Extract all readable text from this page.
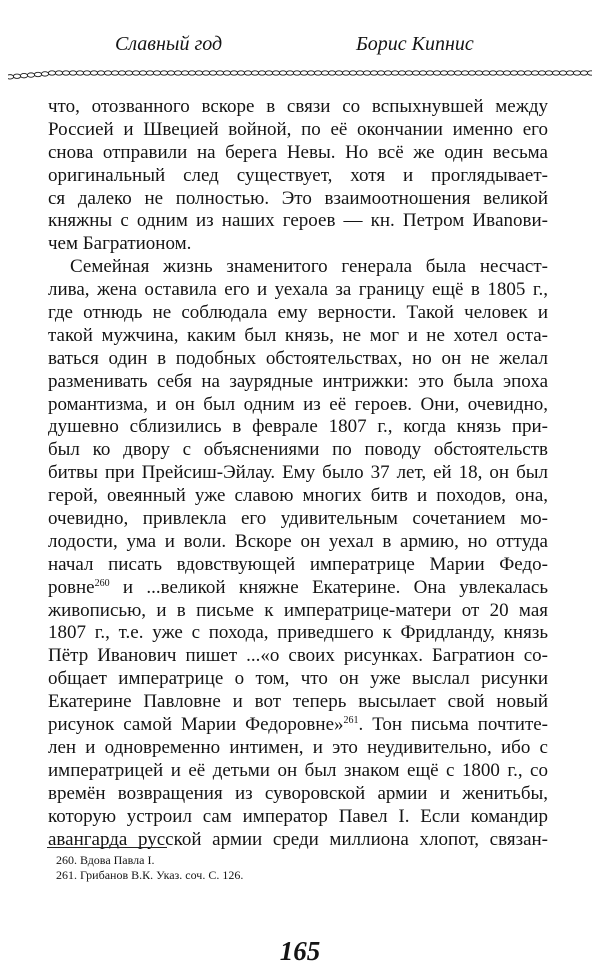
Славный год	Борис Кипнис
что, отозванного вскоре в связи со вспыхнувшей между
Россией и Швецией войной, по её окончании именно его
снова отправили на берега Невы. Но всё же один весьма
оригинальный след существует, хотя и проглядывает-
ся далеко не полностью. Это взаимоотношения великой
княжны с одним из наших героев — кн. Петром Ивanови-
чем Багратионом.
Семейная жизнь знаменитого генерала была несчаст-
лива, жена оставила его и уехала за границу ещё в 1805 г.,
где отнюдь не соблюдала ему верности. Такой человек и
такой мужчина, каким был князь, не мог и не хотел оста-
ваться один в подобных обстоятельствах, но он не желал
разменивать себя на заурядные интрижки: это была эпоха
романтизма, и он был одним из её героев. Они, очевидно,
душевно сблизились в феврале 1807 г., когда князь при-
был ко двору с объяснениями по поводу обстоятельств
битвы при Прейсиш-Эйлау. Ему было 37 лет, ей 18, он был
герой, овеянный уже славою многих битв и походов, она,
очевидно, привлекла его удивительным сочетанием мо-
лодости, ума и воли. Вскоре он уехал в армию, но оттуда
начал писать вдовствующей императрице Марии Федо-
ровне$^{260}$ и ...великой княжне Екатерине. Она увлекалась
живописью, и в письме к императрице-матери от 20 мая
1807 г., т.е. уже с похода, приведшего к Фридланду, князь
Пётр Иванович пишет ...«о своих рисунках. Багратион со-
общает императрице о том, что он уже выслал рисунки
Екатерине Павловне и вот теперь высылает свой новый
рисунок самой Марии Федоровне»$^{261}$. Тон письма почтите-
лен и одновременно интимен, и это неудивительно, ибо с
императрицей и её детьми он был знаком ещё с 1800 г., со
времён возвращения из суворовской армии и женитьбы,
которую устроил сам император Павел I. Если командир
авангарда русской армии среди миллиона хлопот, связан-
260. Вдова Павла I.
261. Грибанов В.К. Указ. соч. С. 126.
165
